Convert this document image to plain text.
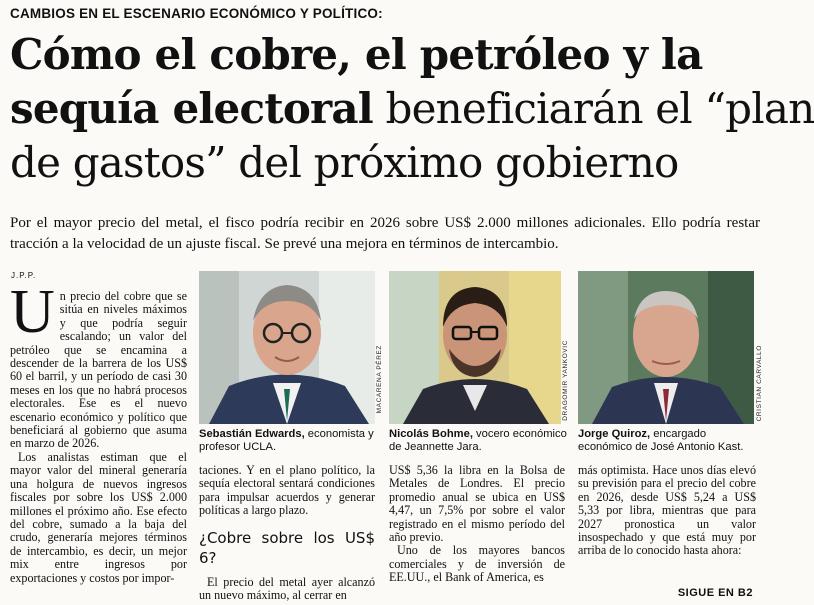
CAMBIOS EN EL ESCENARIO ECONÓMICO Y POLÍTICO:
Cómo el cobre, el petróleo y la
sequía electoral beneficiarán el “plan
de gastos” del próximo gobierno
Por el mayor precio del metal, el fisco podría recibir en 2026 sobre US$ 2.000 millones adicionales. Ello podría restar tracción a la velocidad de un ajuste fiscal. Se prevé una mejora en términos de intercambio.
J.P.P.

Un precio del cobre que se sitúa en niveles máximos y que podría seguir escalando; un valor del petróleo que se encamina a descender de la barrera de los US$ 60 el barril, y un período de casi 30 meses en los que no habrá procesos electorales. Ese es el nuevo escenario económico y político que beneficiará al gobierno que asuma en marzo de 2026.

Los analistas estiman que el mayor valor del mineral generaría una holgura de nuevos ingresos fiscales por sobre los US$ 2.000 millones el próximo año. Ese efecto del cobre, sumado a la baja del crudo, generaría mejores términos de intercambio, es decir, un mejor mix entre ingresos por exportaciones y costos por impor-

MACARENA PÉREZ	DRAGOMIR YANKOVIC	CRISTIAN CARVALLO
Sebastián Edwards, economista y profesor UCLA.
Nicolás Bohme, vocero económico de Jeannette Jara.
Jorge Quiroz, encargado económico de José Antonio Kast.

taciones. Y en el plano político, la sequía electoral sentará condiciones para impulsar acuerdos y generar políticas a largo plazo.

¿Cobre sobre los US$ 6?

El precio del metal ayer alcanzó un nuevo máximo, al cerrar en

US$ 5,36 la libra en la Bolsa de Metales de Londres. El precio promedio anual se ubica en US$ 4,47, un 7,5% por sobre el valor registrado en el mismo período del año previo.

Uno de los mayores bancos comerciales y de inversión de EE.UU., el Bank of America, es

más optimista. Hace unos días elevó su previsión para el precio del cobre en 2026, desde US$ 5,24 a US$ 5,33 por libra, mientras que para 2027 pronostica un valor insospechado y que está muy por arriba de lo conocido hasta ahora:

SIGUE EN B2
